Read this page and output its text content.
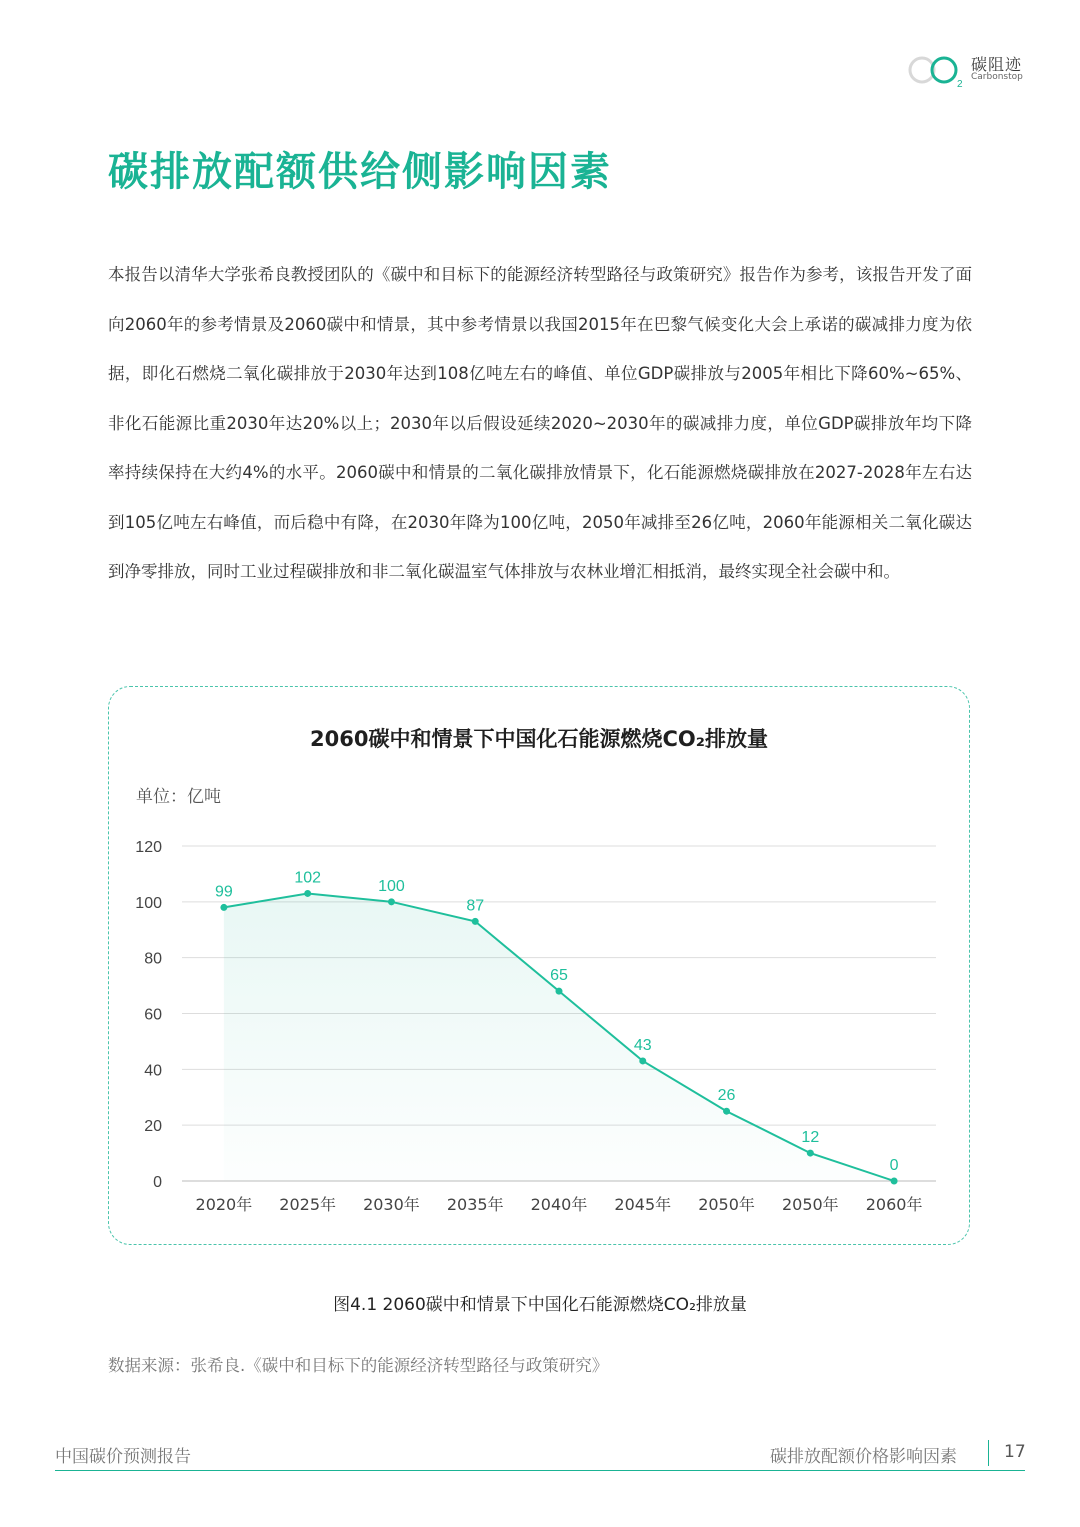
2
碳阻迹
Carbonstop
碳排放配额供给侧影响因素

本报告以清华大学张希良教授团队的《碳中和目标下的能源经济转型路径与政策研究》报告作为参考，该报告开发了面向2060年的参考情景及2060碳中和情景，其中参考情景以我国2015年在巴黎气候变化大会上承诺的碳减排力度为依据，即化石燃烧二氧化碳排放于2030年达到108亿吨左右的峰值、单位GDP碳排放与2005年相比下降60%~65%、非化石能源比重2030年达20%以上；2030年以后假设延续2020~2030年的碳减排力度，单位GDP碳排放年均下降率持续保持在大约4%的水平。2060碳中和情景的二氧化碳排放情景下，化石能源燃烧碳排放在2027-2028年左右达到105亿吨左右峰值，而后稳中有降，在2030年降为100亿吨，2050年减排至26亿吨，2060年能源相关二氧化碳达到净零排放，同时工业过程碳排放和非二氧化碳温室气体排放与农林业增汇相抵消，最终实现全社会碳中和。

2060碳中和情景下中国化石能源燃烧CO₂排放量
单位：亿吨
0
20
40
60
80
100
120
99
2020年
102
2025年
100
2030年
87
2035年
65
2040年
43
2045年
26
2050年
12
2050年
0
2060年
图4.1 2060碳中和情景下中国化石能源燃烧CO₂排放量
数据来源：张希良.《碳中和目标下的能源经济转型路径与政策研究》
中国碳价预测报告	碳排放配额价格影响因素	17
